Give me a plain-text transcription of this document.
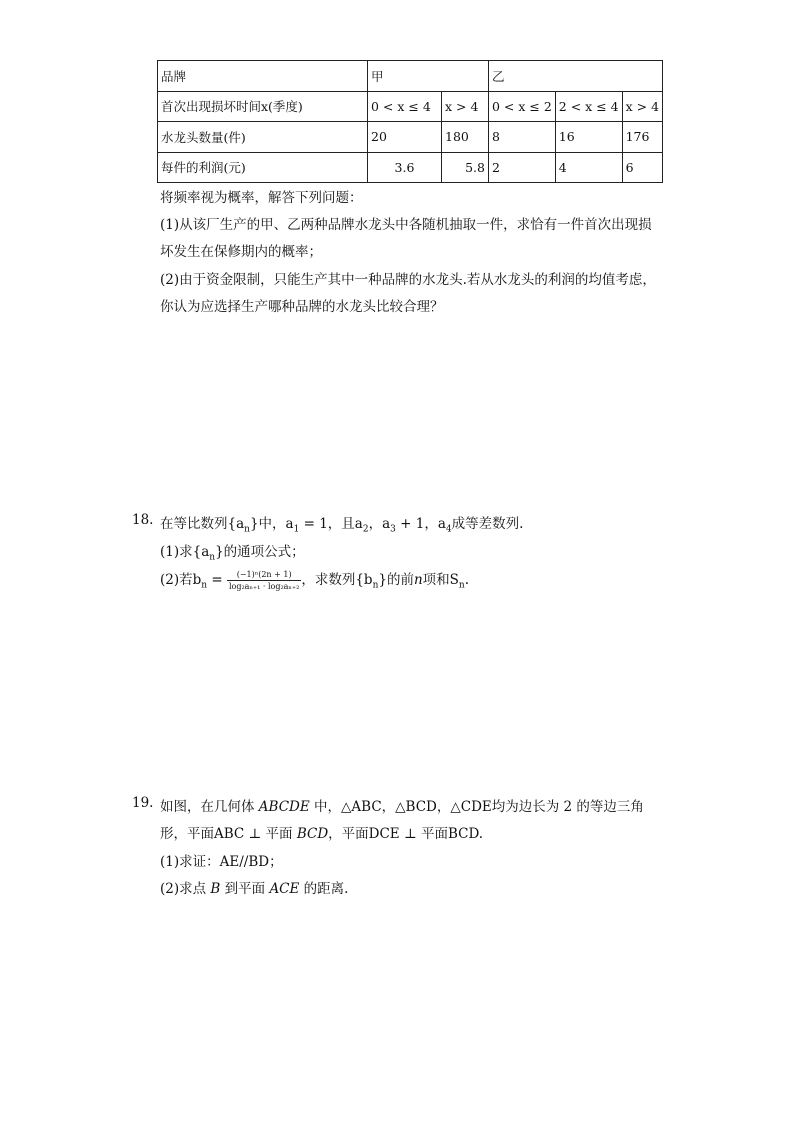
品牌	甲		乙		
首次出现损坏时间x(季度)	0 < x ≤ 4	x > 4	0 < x ≤ 2	2 < x ≤ 4	x > 4
水龙头数量(件)	20	180	8	16	176
每件的利润(元)	3.6	5.8	2	4	6
将频率视为概率，解答下列问题：
(1)从该厂生产的甲、乙两种品牌水龙头中各随机抽取一件，求恰有一件首次出现损
坏发生在保修期内的概率；
(2)由于资金限制，只能生产其中一种品牌的水龙头.若从水龙头的利润的均值考虑，
你认为应选择生产哪种品牌的水龙头比较合理？
18. 在等比数列$\{a_n\}$中，$a_1 = 1$，且$a_2$，$a_3 + 1$，$a_4$成等差数列.
(1)求$\{a_n\}$的通项公式；
(2)若$b_n = \frac{\text{(−1)ⁿ(2n + 1)}}{\text{log₂aₙ₊₁ · log₂aₙ₊₂}}$ ，求数列$\{b_n\}$的前n项和$S_n$.
19. 如图，在几何体 ABCDE 中，△ABC，△BCD，△CDE均为边长为 2 的等边三角
形，平面ABC ⊥ 平面 BCD，平面DCE ⊥ 平面BCD.
(1)求证：AE//BD；
(2)求点 B 到平面 ACE 的距离.
